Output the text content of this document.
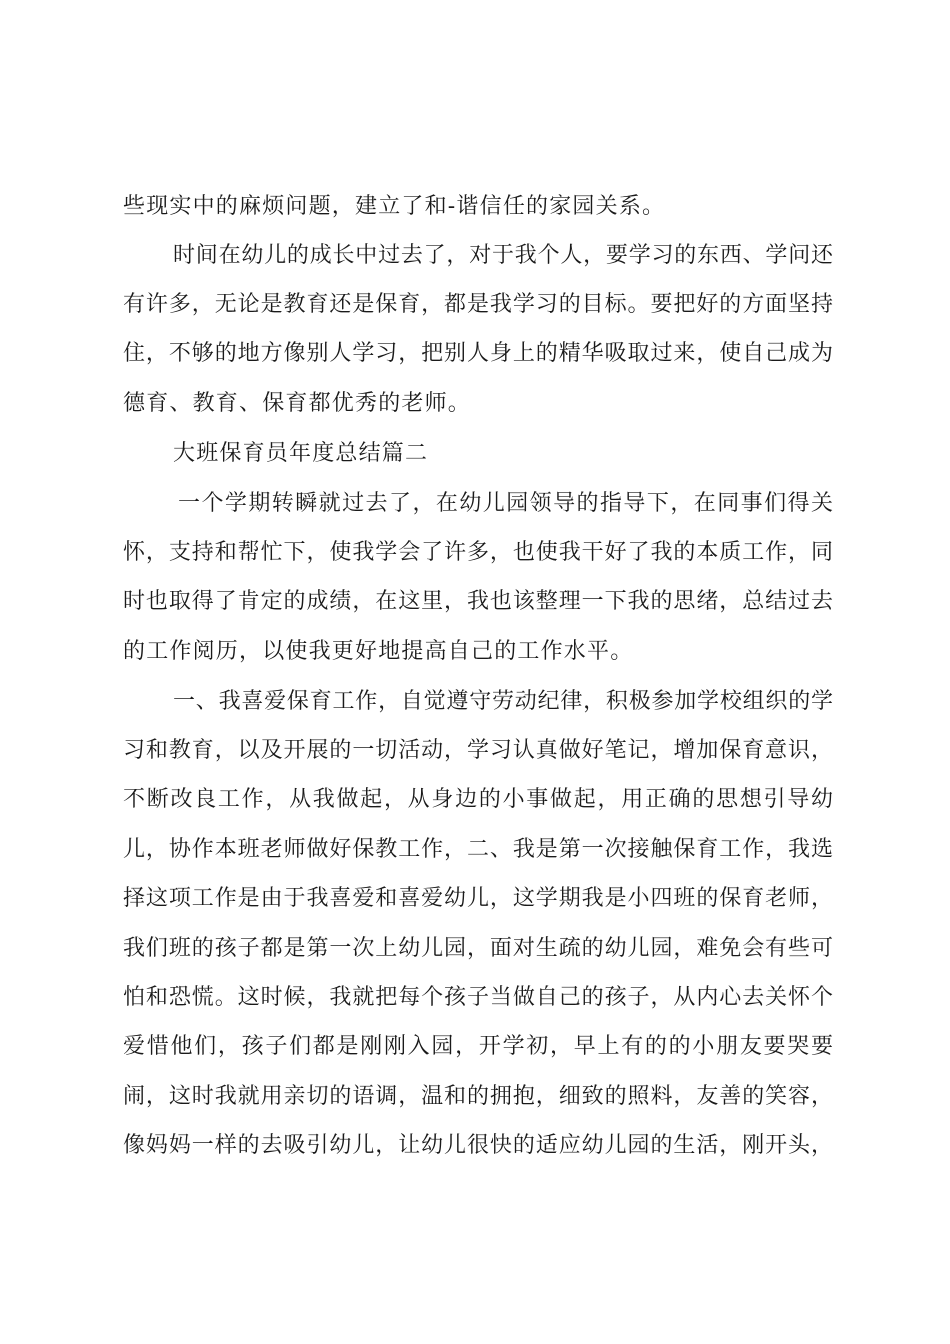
些现实中的麻烦问题，建立了和-谐信任的家园关系。
时间在幼儿的成长中过去了，对于我个人，要学习的东西、学问还
有许多，无论是教育还是保育，都是我学习的目标。要把好的方面坚持
住，不够的地方像别人学习，把别人身上的精华吸取过来，使自己成为
德育、教育、保育都优秀的老师。
大班保育员年度总结篇二
一个学期转瞬就过去了，在幼儿园领导的指导下，在同事们得关
怀，支持和帮忙下，使我学会了许多，也使我干好了我的本质工作，同
时也取得了肯定的成绩，在这里，我也该整理一下我的思绪，总结过去
的工作阅历，以使我更好地提高自己的工作水平。
一、我喜爱保育工作，自觉遵守劳动纪律，积极参加学校组织的学
习和教育，以及开展的一切活动，学习认真做好笔记，增加保育意识，
不断改良工作，从我做起，从身边的小事做起，用正确的思想引导幼
儿，协作本班老师做好保教工作，二、我是第一次接触保育工作，我选
择这项工作是由于我喜爱和喜爱幼儿，这学期我是小四班的保育老师，
我们班的孩子都是第一次上幼儿园，面对生疏的幼儿园，难免会有些可
怕和恐慌。这时候，我就把每个孩子当做自己的孩子，从内心去关怀个
爱惜他们，孩子们都是刚刚入园，开学初，早上有的的小朋友要哭要
闹，这时我就用亲切的语调，温和的拥抱，细致的照料，友善的笑容，
像妈妈一样的去吸引幼儿，让幼儿很快的适应幼儿园的生活，刚开头，
